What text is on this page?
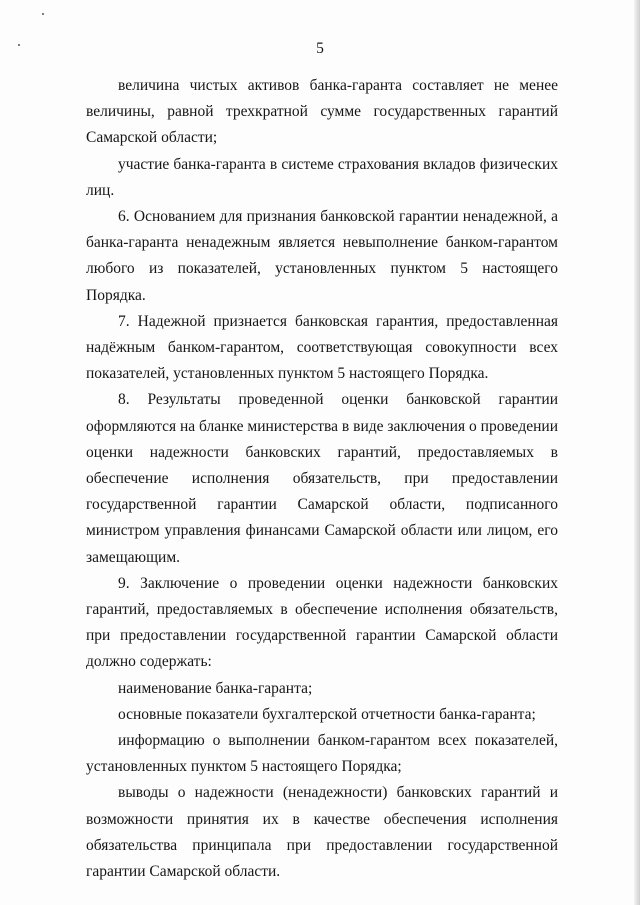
5

величина чистых активов банка-гаранта составляет не менее величины, равной трехкратной сумме государственных гарантий Самарской области;

участие банка-гаранта в системе страхования вкладов физических лиц.

6. Основанием для признания банковской гарантии ненадежной, а банка-гаранта ненадежным является невыполнение банком-гарантом любого из показателей, установленных пунктом 5 настоящего Порядка.

7. Надежной признается банковская гарантия, предоставленная надёжным банком-гарантом, соответствующая совокупности всех показателей, установленных пунктом 5 настоящего Порядка.

8. Результаты проведенной оценки банковской гарантии оформляются на бланке министерства в виде заключения о проведении оценки надежности банковских гарантий, предоставляемых в обеспечение исполнения обязательств, при предоставлении государственной гарантии Самарской области, подписанного министром управления финансами Самарской области или лицом, его замещающим.

9. Заключение о проведении оценки надежности банковских гарантий, предоставляемых в обеспечение исполнения обязательств, при предоставлении государственной гарантии Самарской области должно содержать:

наименование банка-гаранта;

основные показатели бухгалтерской отчетности банка-гаранта;

информацию о выполнении банком-гарантом всех показателей, установленных пунктом 5 настоящего Порядка;

выводы о надежности (ненадежности) банковских гарантий и возможности принятия их в качестве обеспечения исполнения обязательства принципала при предоставлении государственной гарантии Самарской области.
